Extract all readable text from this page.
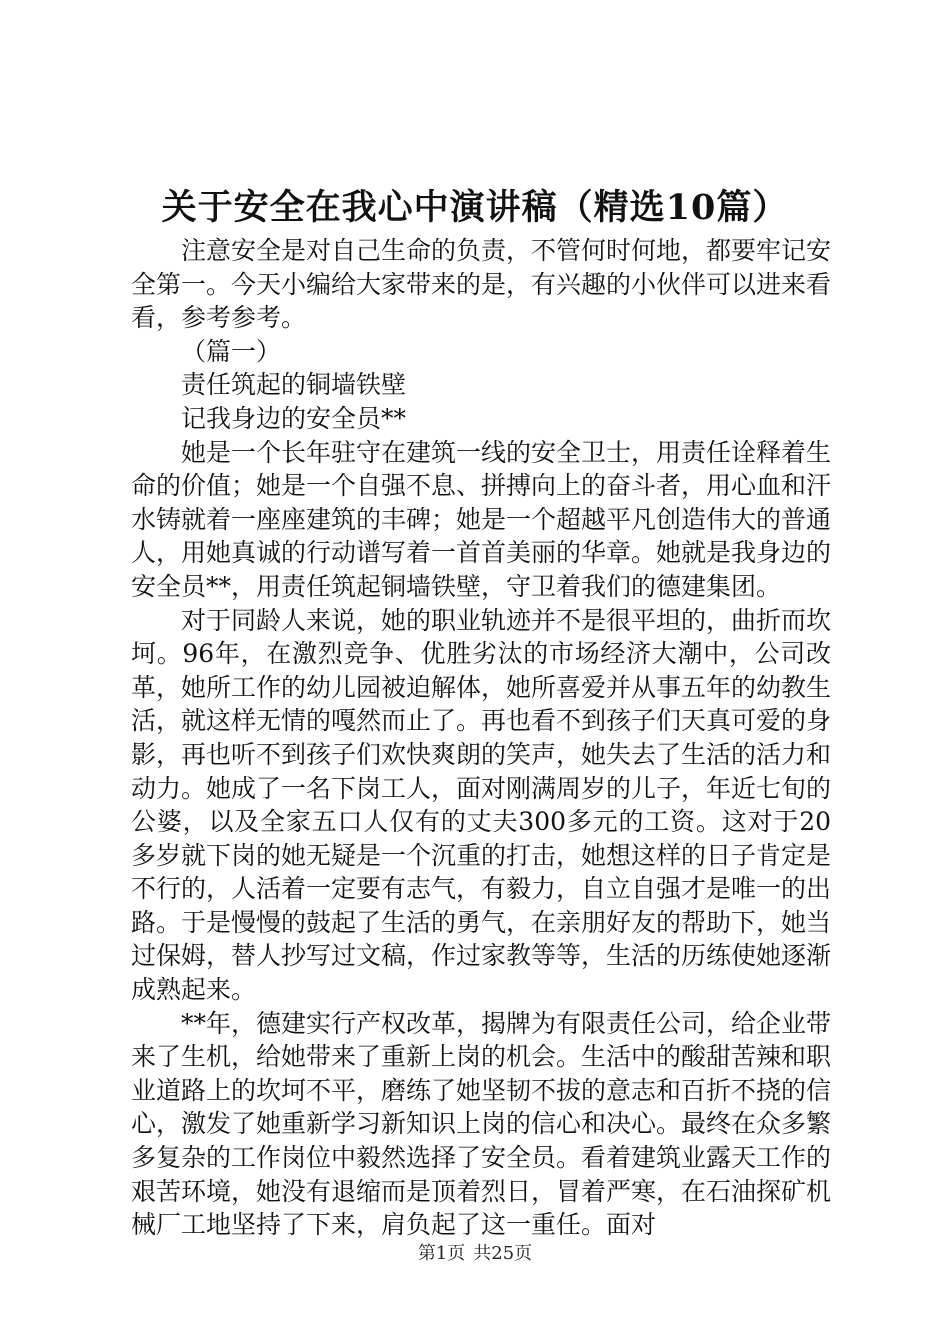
关于安全在我心中演讲稿（精选10篇）

注意安全是对自己生命的负责，不管何时何地，都要牢记安全第一。今天小编给大家带来的是，有兴趣的小伙伴可以进来看看，参考参考。

（篇一）

责任筑起的铜墙铁壁

记我身边的安全员**

她是一个长年驻守在建筑一线的安全卫士，用责任诠释着生命的价值；她是一个自强不息、拼搏向上的奋斗者，用心血和汗水铸就着一座座建筑的丰碑；她是一个超越平凡创造伟大的普通人，用她真诚的行动谱写着一首首美丽的华章。她就是我身边的安全员**，用责任筑起铜墙铁壁，守卫着我们的德建集团。

对于同龄人来说，她的职业轨迹并不是很平坦的，曲折而坎坷。96年，在激烈竞争、优胜劣汰的市场经济大潮中，公司改革，她所工作的幼儿园被迫解体，她所喜爱并从事五年的幼教生活，就这样无情的嘎然而止了。再也看不到孩子们天真可爱的身影，再也听不到孩子们欢快爽朗的笑声，她失去了生活的活力和动力。她成了一名下岗工人，面对刚满周岁的儿子，年近七旬的公婆，以及全家五口人仅有的丈夫300多元的工资。这对于20多岁就下岗的她无疑是一个沉重的打击，她想这样的日子肯定是不行的，人活着一定要有志气，有毅力，自立自强才是唯一的出路。于是慢慢的鼓起了生活的勇气，在亲朋好友的帮助下，她当过保姆，替人抄写过文稿，作过家教等等，生活的历练使她逐渐成熟起来。

**年，德建实行产权改革，揭牌为有限责任公司，给企业带来了生机，给她带来了重新上岗的机会。生活中的酸甜苦辣和职业道路上的坎坷不平，磨练了她坚韧不拔的意志和百折不挠的信心，激发了她重新学习新知识上岗的信心和决心。最终在众多繁多复杂的工作岗位中毅然选择了安全员。看着建筑业露天工作的艰苦环境，她没有退缩而是顶着烈日，冒着严寒，在石油探矿机械厂工地坚持了下来，肩负起了这一重任。面对

第1页 共25页
